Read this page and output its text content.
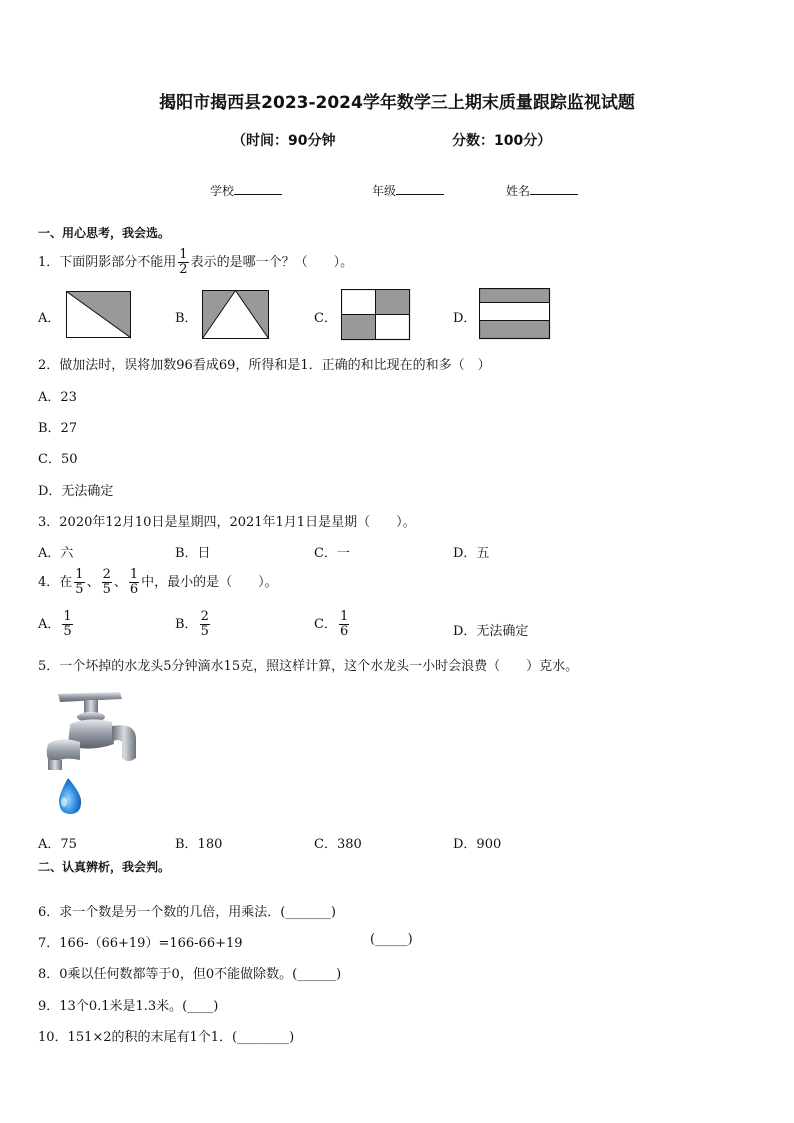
揭阳市揭西县2023-2024学年数学三上期末质量跟踪监视试题
（时间：90分钟	分数：100分）
学校	年级	姓名
一、用心思考，我会选。
1．下面阴影部分不能用 $\frac{1}{2}$ 表示的是哪一个？（　　）。
A．	B．	C．	D．
2．做加法时，误将加数96看成69，所得和是1．正确的和比现在的和多（　）
A．23
B．27
C．50
D．无法确定
3．2020年12月10日是星期四，2021年1月1日是星期（　　）。
A．六	B．日	C．一	D．五
4．在 $\frac{1}{5}$ 、 $\frac{2}{5}$ 、 $\frac{1}{6}$ 中，最小的是（　　）。
A． $\frac{1}{5}$	B． $\frac{2}{5}$	C． $\frac{1}{6}$	D．无法确定
5．一个坏掉的水龙头5分钟滴水15克，照这样计算，这个水龙头一小时会浪费（　　）克水。
A．75	B．180	C．380	D．900
二、认真辨析，我会判。
6．求一个数是另一个数的几倍，用乘法．(_______)
7．166-（66+19）=166-66+19	(_____)
8．0乘以任何数都等于0，但0不能做除数。(______)
9．13个0.1米是1.3米。(____)
10．151×2的积的末尾有1个1．(________)
